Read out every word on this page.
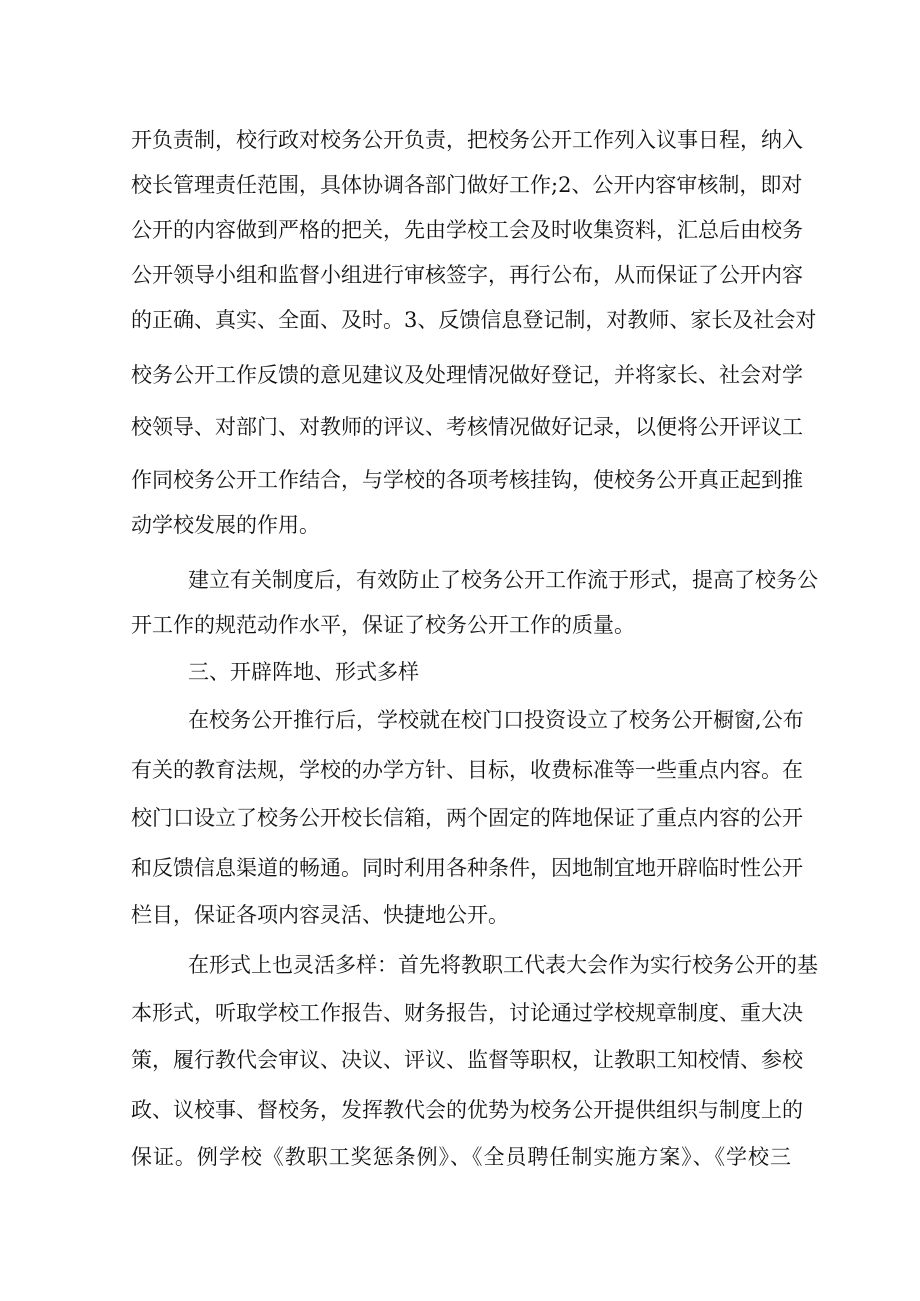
开负责制，校行政对校务公开负责，把校务公开工作列入议事日程，纳入
校长管理责任范围，具体协调各部门做好工作;2、公开内容审核制，即对
公开的内容做到严格的把关，先由学校工会及时收集资料，汇总后由校务
公开领导小组和监督小组进行审核签字，再行公布，从而保证了公开内容
的正确、真实、全面、及时。3、反馈信息登记制，对教师、家长及社会对
校务公开工作反馈的意见建议及处理情况做好登记，并将家长、社会对学
校领导、对部门、对教师的评议、考核情况做好记录，以便将公开评议工
作同校务公开工作结合，与学校的各项考核挂钩，使校务公开真正起到推
动学校发展的作用。
建立有关制度后，有效防止了校务公开工作流于形式，提高了校务公
开工作的规范动作水平，保证了校务公开工作的质量。
三、开辟阵地、形式多样
在校务公开推行后，学校就在校门口投资设立了校务公开橱窗,公布
有关的教育法规，学校的办学方针、目标，收费标准等一些重点内容。在
校门口设立了校务公开校长信箱，两个固定的阵地保证了重点内容的公开
和反馈信息渠道的畅通。同时利用各种条件，因地制宜地开辟临时性公开
栏目，保证各项内容灵活、快捷地公开。
在形式上也灵活多样：首先将教职工代表大会作为实行校务公开的基
本形式，听取学校工作报告、财务报告，讨论通过学校规章制度、重大决
策，履行教代会审议、决议、评议、监督等职权，让教职工知校情、参校
政、议校事、督校务，发挥教代会的优势为校务公开提供组织与制度上的
保证。例学校《教职工奖惩条例》、《全员聘任制实施方案》、《学校三
